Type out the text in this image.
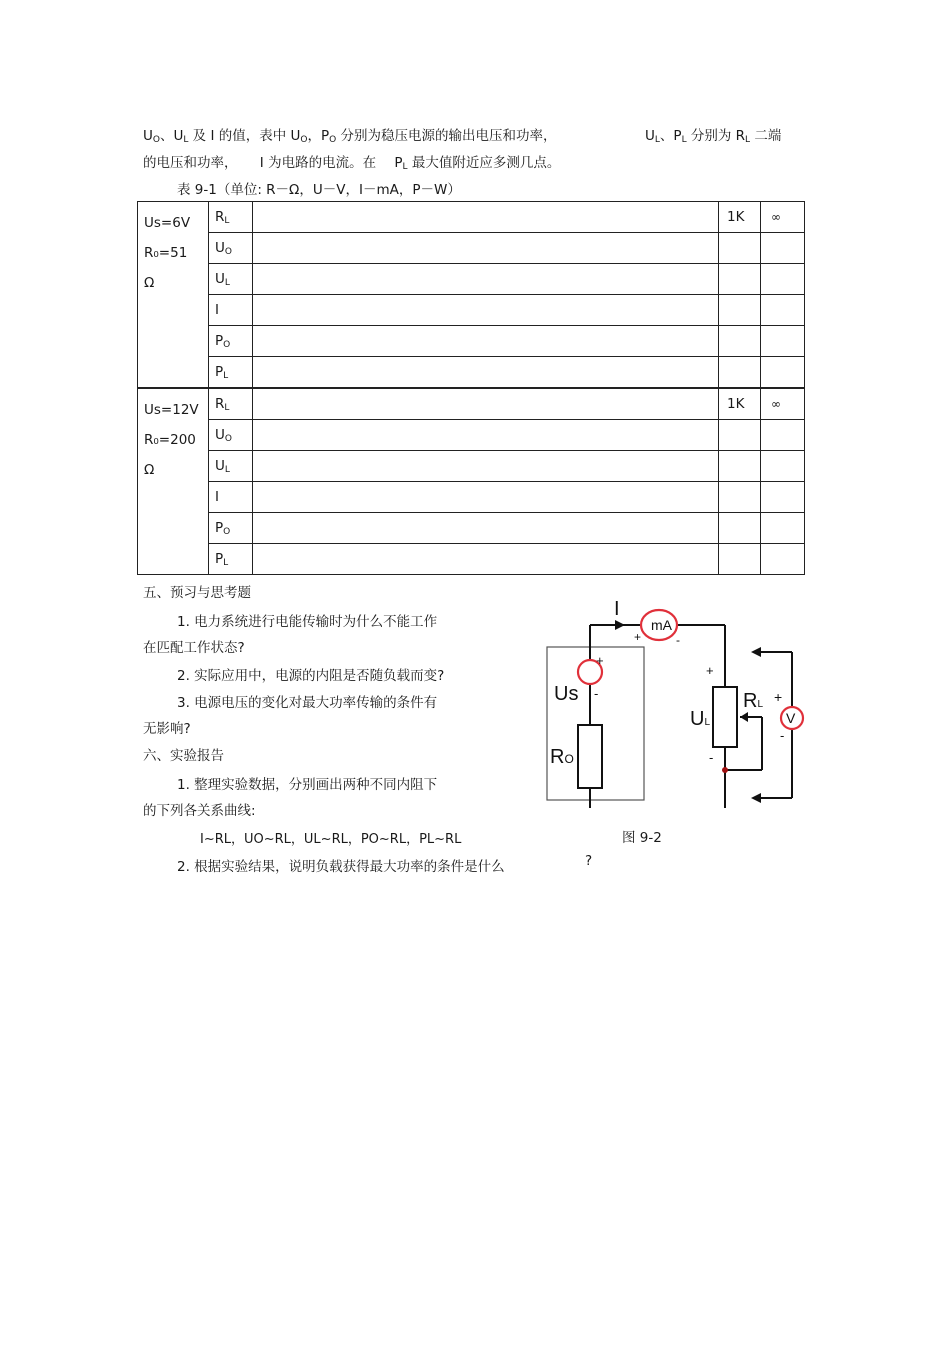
$U_O$、$U_L$ 及 I 的值，表中 $U_O$，$P_O$ 分别为稳压电源的输出电压和功率，	$U_L$、$P_L$ 分别为 $R_L$ 二端
的电压和功率， I 为电路的电流。在 $P_L$ 最大值附近应多测几点。
表 9-1（单位: R－Ω，U－V，I－mA，P－W）
Us=6V
R₀=51
Ω	$R_L$		1K	∞
	$U_O$			
	$U_L$			
	I			
	$P_O$			
	$P_L$			

Us=12V
R₀=200
Ω	$R_L$		1K	∞
	$U_O$			
	$U_L$			
	I			
	$P_O$			
	$P_L$			
五、预习与思考题
1. 电力系统进行电能传输时为什么不能工作
在匹配工作状态?
2. 实际应用中，电源的内阻是否随负载而变?
3. 电源电压的变化对最大功率传输的条件有
无影响?
六、实验报告
1. 整理实验数据，分别画出两种不同内阻下
的下列各关系曲线:
I~RL，UO~RL，UL~RL，PO~RL，PL~RL
2. 根据实验结果，说明负载获得最大功率的条件是什么	?
图 9-2
I
mA
+	-
+
-
Us
RO
+
-
UL
RL +
V
-
